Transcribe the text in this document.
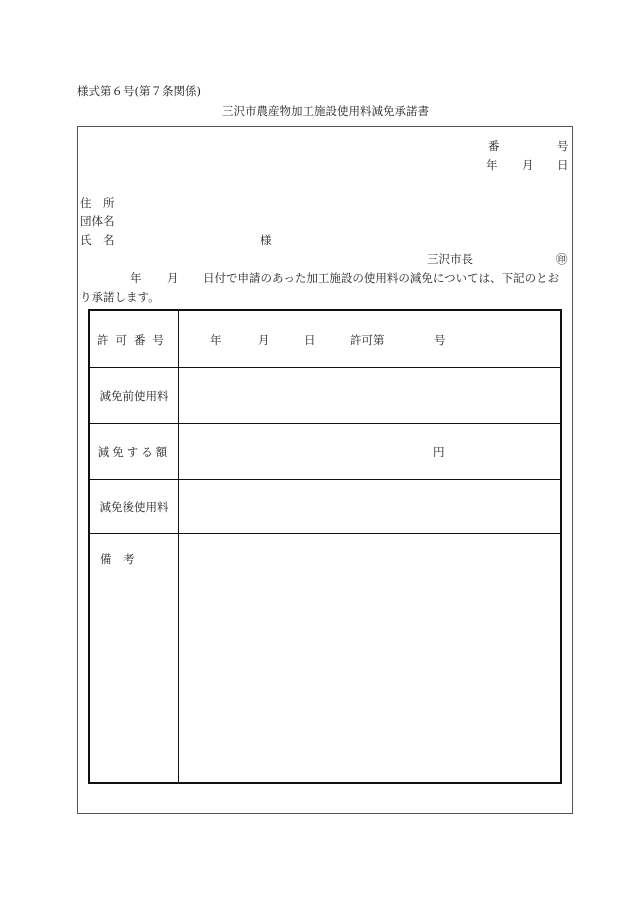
様式第６号(第７条関係)
三沢市農産物加工施設使用料減免承諾書
番	号
年 月 日
住　所
団体名
氏　名	様
三沢市長	㊞
年 月 日付で申請のあった加工施設の使用料の減免については、下記のとお
り承諾します。
許可番号	年	月	日	許可第	号
減免前使用料
減免する額	円
減免後使用料
備　考
